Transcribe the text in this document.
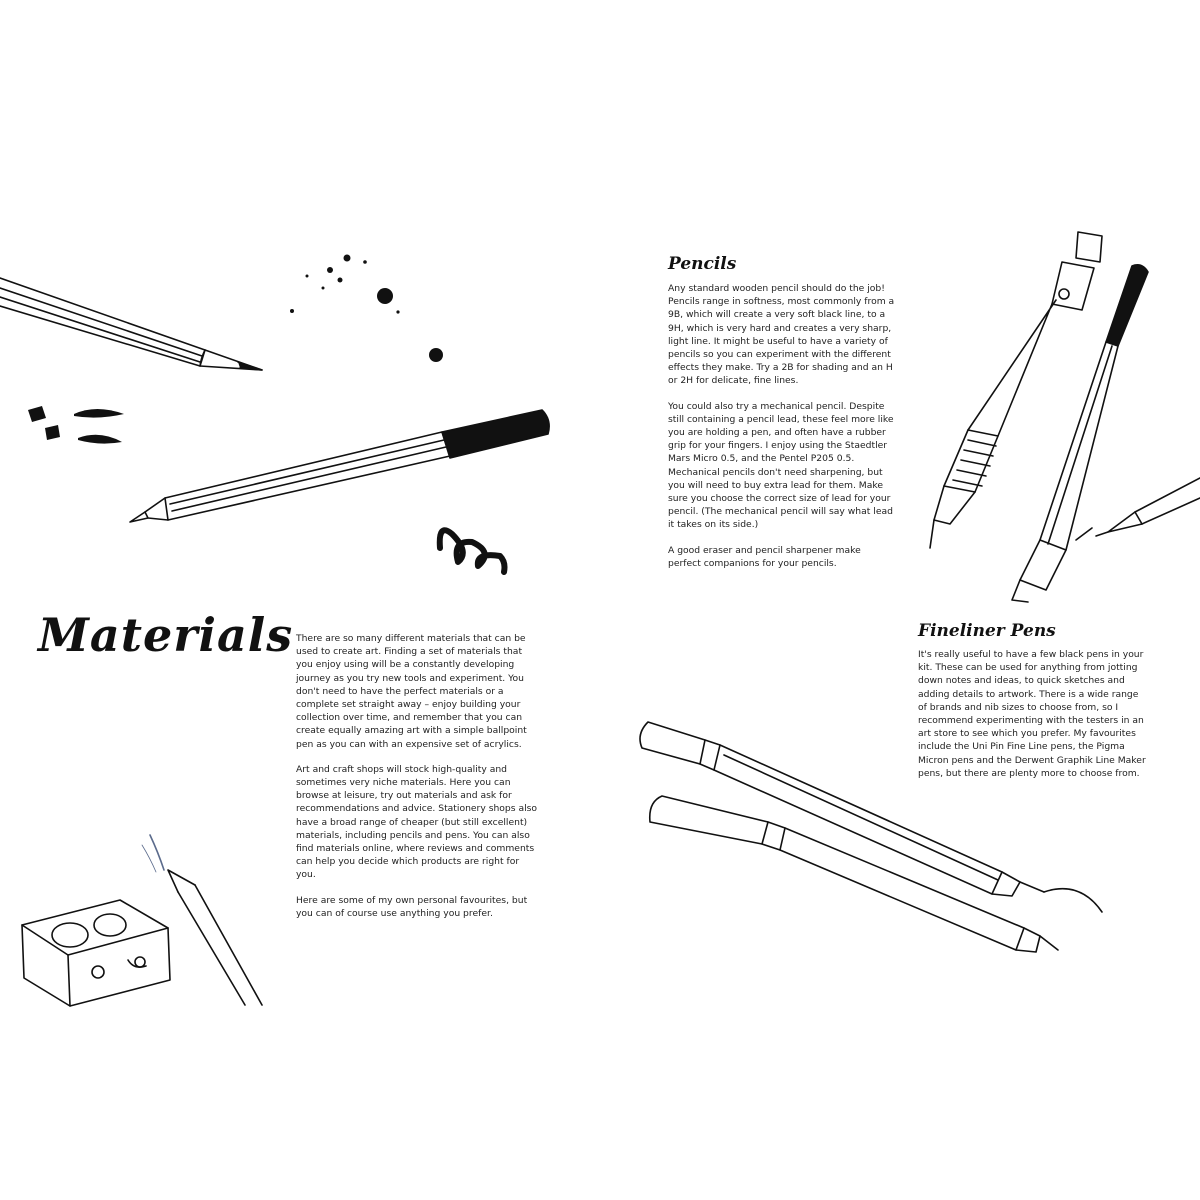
Materials There are so many different materials that can be used to create art. Finding a set of materials that you enjoy using will be a constantly developing journey as you try new tools and experiment. You don't need to have the perfect materials or a complete set straight away – enjoy building your collection over time, and remember that you can create equally amazing art with a simple ballpoint pen as you can with an expensive set of acrylics.

Art and craft shops will stock high-quality and sometimes very niche materials. Here you can browse at leisure, try out materials and ask for recommendations and advice. Stationery shops also have a broad range of cheaper (but still excellent) materials, including pencils and pens. You can also find materials online, where reviews and comments can help you decide which products are right for you.

Here are some of my own personal favourites, but you can of course use anything you prefer.

Pencils

Any standard wooden pencil should do the job! Pencils range in softness, most commonly from a 9B, which will create a very soft black line, to a 9H, which is very hard and creates a very sharp, light line. It might be useful to have a variety of pencils so you can experiment with the different effects they make. Try a 2B for shading and an H or 2H for delicate, fine lines.

You could also try a mechanical pencil. Despite still containing a pencil lead, these feel more like you are holding a pen, and often have a rubber grip for your fingers. I enjoy using the Staedtler Mars Micro 0.5, and the Pentel P205 0.5. Mechanical pencils don't need sharpening, but you will need to buy extra lead for them. Make sure you choose the correct size of lead for your pencil. (The mechanical pencil will say what lead it takes on its side.)

A good eraser and pencil sharpener make perfect companions for your pencils.

Fineliner Pens

It's really useful to have a few black pens in your kit. These can be used for anything from jotting down notes and ideas, to quick sketches and adding details to artwork. There is a wide range of brands and nib sizes to choose from, so I recommend experimenting with the testers in an art store to see which you prefer. My favourites include the Uni Pin Fine Line pens, the Pigma Micron pens and the Derwent Graphik Line Maker pens, but there are plenty more to choose from.
